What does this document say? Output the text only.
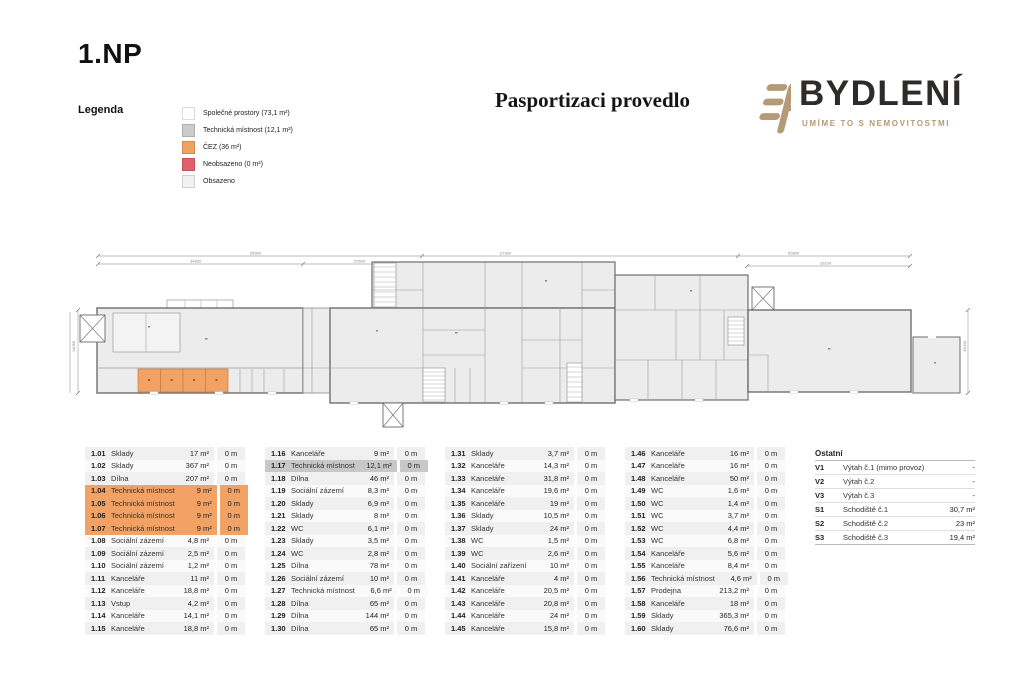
1.NP
Legenda	Společné prostory (73,1 m²)
Technická místnost (12,1 m²)
ČEZ (36 m²)
Neobsazeno (0 m²)
Obsazeno
Pasportizaci provedlo	BYDLENÍ
UMÍME TO S NEMOVITOSTMI
55900	27900	50800
34800	20500	28100
14050	15000
1.01 Sklady	17 m²	0 m
1.02 Sklady	367 m²	0 m
1.03 Dílna	207 m²	0 m
1.04 Technická místnost	9 m²	0 m
1.05 Technická místnost	9 m²	0 m
1.06 Technická místnost	9 m²	0 m
1.07 Technická místnost	9 m²	0 m
1.08 Sociální zázemí	4,8 m²	0 m
1.09 Sociální zázemí	2,5 m²	0 m
1.10 Sociální zázemí	1,2 m²	0 m
1.11 Kanceláře	11 m²	0 m
1.12 Kanceláře	18,8 m²	0 m
1.13 Vstup	4,2 m²	0 m
1.14 Kanceláře	14,1 m²	0 m
1.15 Kanceláře	18,8 m²	0 m
1.16 Kanceláře	9 m²	0 m
1.17 Technická místnost	12,1 m²	0 m
1.18 Dílna	46 m²	0 m
1.19 Sociální zázemí	8,3 m²	0 m
1.20 Sklady	6,9 m²	0 m
1.21 Sklady	8 m²	0 m
1.22 WC	6,1 m²	0 m
1.23 Sklady	3,5 m²	0 m
1.24 WC	2,8 m²	0 m
1.25 Dílna	78 m²	0 m
1.26 Sociální zázemí	10 m²	0 m
1.27 Technická místnost	6,6 m²	0 m
1.28 Dílna	65 m²	0 m
1.29 Dílna	144 m²	0 m
1.30 Dílna	65 m²	0 m
1.31 Sklady	3,7 m²	0 m
1.32 Kanceláře	14,3 m²	0 m
1.33 Kanceláře	31,8 m²	0 m
1.34 Kanceláře	19,6 m²	0 m
1.35 Kanceláře	19 m²	0 m
1.36 Sklady	10,5 m²	0 m
1.37 Sklady	24 m²	0 m
1.38 WC	1,5 m²	0 m
1.39 WC	2,6 m²	0 m
1.40 Sociální zařízení	10 m²	0 m
1.41 Kanceláře	4 m²	0 m
1.42 Kanceláře	20,5 m²	0 m
1.43 Kanceláře	20,8 m²	0 m
1.44 Kanceláře	24 m²	0 m
1.45 Kanceláře	15,8 m²	0 m
1.46 Kanceláře	16 m²	0 m
1.47 Kanceláře	16 m²	0 m
1.48 Kanceláře	50 m²	0 m
1.49 WC	1,6 m²	0 m
1.50 WC	1,4 m²	0 m
1.51 WC	3,7 m²	0 m
1.52 WC	4,4 m²	0 m
1.53 WC	6,8 m²	0 m
1.54 Kanceláře	5,6 m²	0 m
1.55 Kanceláře	8,4 m²	0 m
1.56 Technická místnost	4,6 m²	0 m
1.57 Prodejna	213,2 m²	0 m
1.58 Kanceláře	18 m²	0 m
1.59 Sklady	365,3 m²	0 m
1.60 Sklady	76,6 m²	0 m
Ostatní
V1	Výtah č.1 (mimo provoz)	-
V2	Výtah č.2	-
V3	Výtah č.3	-
S1	Schodiště č.1	30,7 m²
S2	Schodiště č.2	23 m²
S3	Schodiště č.3	19,4 m²
